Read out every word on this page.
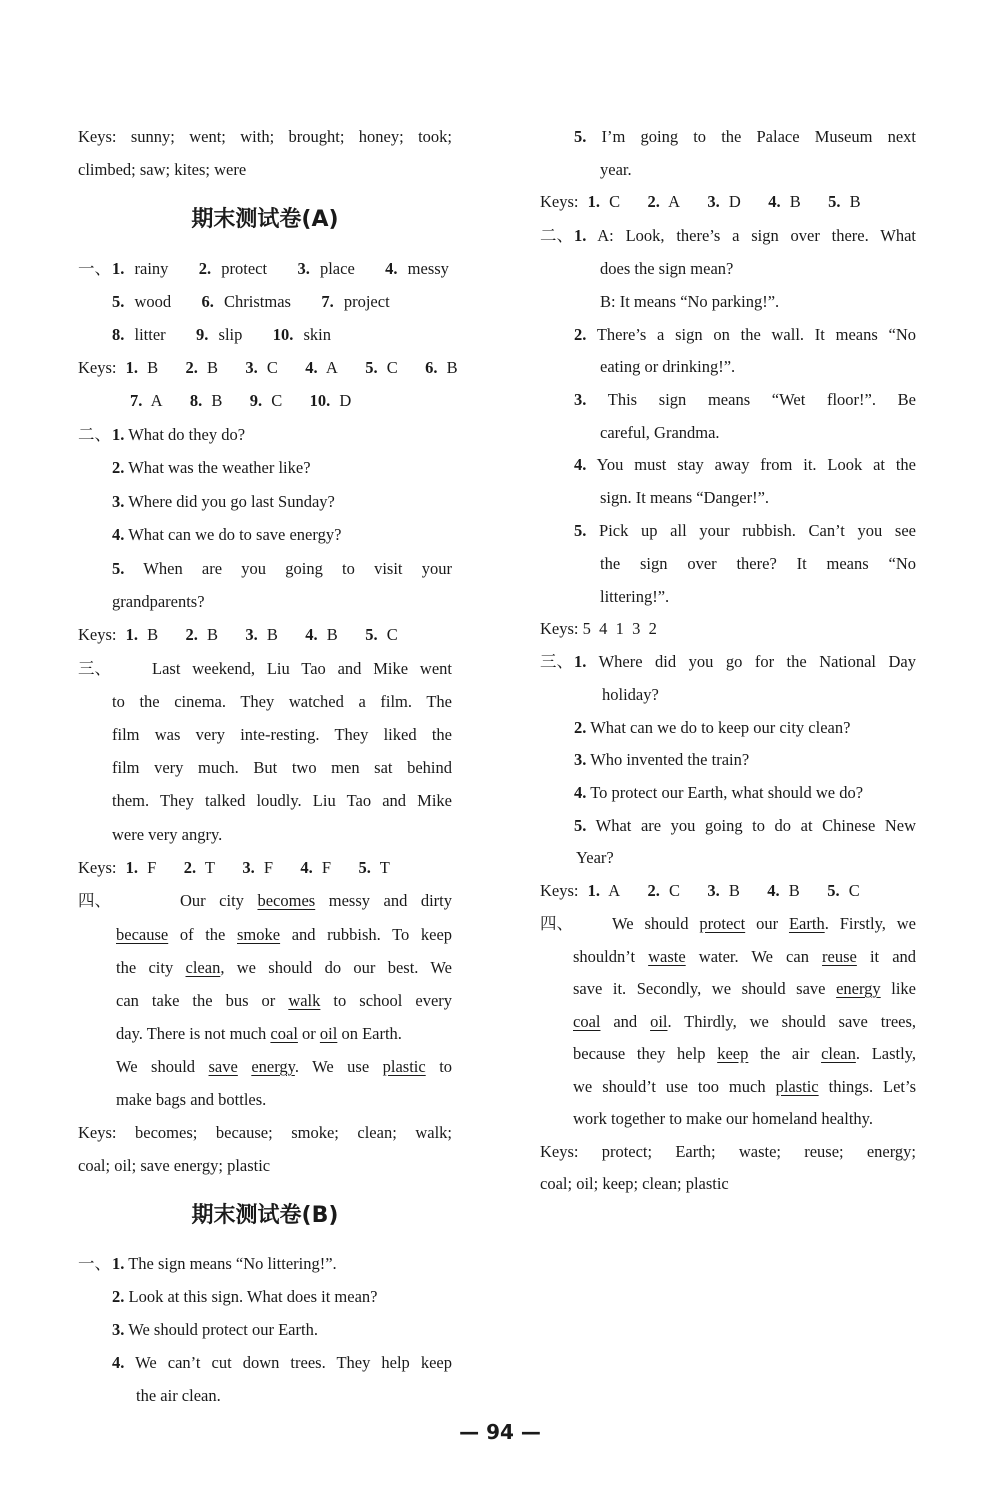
Keys: sunny; went; with; brought; honey; took;
climbed; saw; kites; were
期末测试卷(A)
一、 1. rainy 2. protect 3. place 4. messy
5. wood 6. Christmas 7. project
8. litter 9. slip 10. skin
Keys: 1. B 2. B 3. C 4. A 5. C 6. B
7. A 8. B 9. C 10. D
二、 1. What do they do?
2. What was the weather like?
3. Where did you go last Sunday?
4. What can we do to save energy?
5. When are you going to visit your
grandparents?
Keys: 1. B 2. B 3. B 4. B 5. C
三、 Last weekend, Liu Tao and Mike went
to the cinema. They watched a film. The
film was very inte-resting. They liked the
film very much. But two men sat behind
them. They talked loudly. Liu Tao and Mike
were very angry.
Keys: 1. F 2. T 3. F 4. F 5. T
四、	Our city becomes messy and dirty
because of the smoke and rubbish. To keep
the city clean, we should do our best. We
can take the bus or walk to school every
day. There is not much coal or oil on Earth.
We should save energy. We use plastic to
make bags and bottles.
Keys: becomes; because; smoke; clean; walk;
coal; oil; save energy; plastic
期末测试卷(B)
一、 1. The sign means “No littering!”.
2. Look at this sign. What does it mean?
3. We should protect our Earth.
4. We can’t cut down trees. They help keep
the air clean.
5. I’m going to the Palace Museum next
year.
Keys: 1. C 2. A 3. D 4. B 5. B
二、 1. A: Look, there’s a sign over there. What
does the sign mean?
B: It means “No parking!”.
2. There’s a sign on the wall. It means “No
eating or drinking!”.
3. This sign means “Wet floor!”. Be
careful, Grandma.
4. You must stay away from it. Look at the
sign. It means “Danger!”.
5. Pick up all your rubbish. Can’t you see
the sign over there? It means “No
littering!”.
Keys: 5  4  1  3  2
三、 1. Where did you go for the National Day
holiday?
2. What can we do to keep our city clean?
3. Who invented the train?
4. To protect our Earth, what should we do?
5. What are you going to do at Chinese New
Year?
Keys: 1. A 2. C 3. B 4. B 5. C
四、 We should protect our Earth. Firstly, we
shouldn’t waste water. We can reuse it and
save it. Secondly, we should save energy like
coal and oil. Thirdly, we should save trees,
because they help keep the air clean. Lastly,
we should’t use too much plastic things. Let’s
work together to make our homeland healthy.
Keys: protect; Earth; waste; reuse; energy;
coal; oil; keep; clean; plastic
— 94 —
